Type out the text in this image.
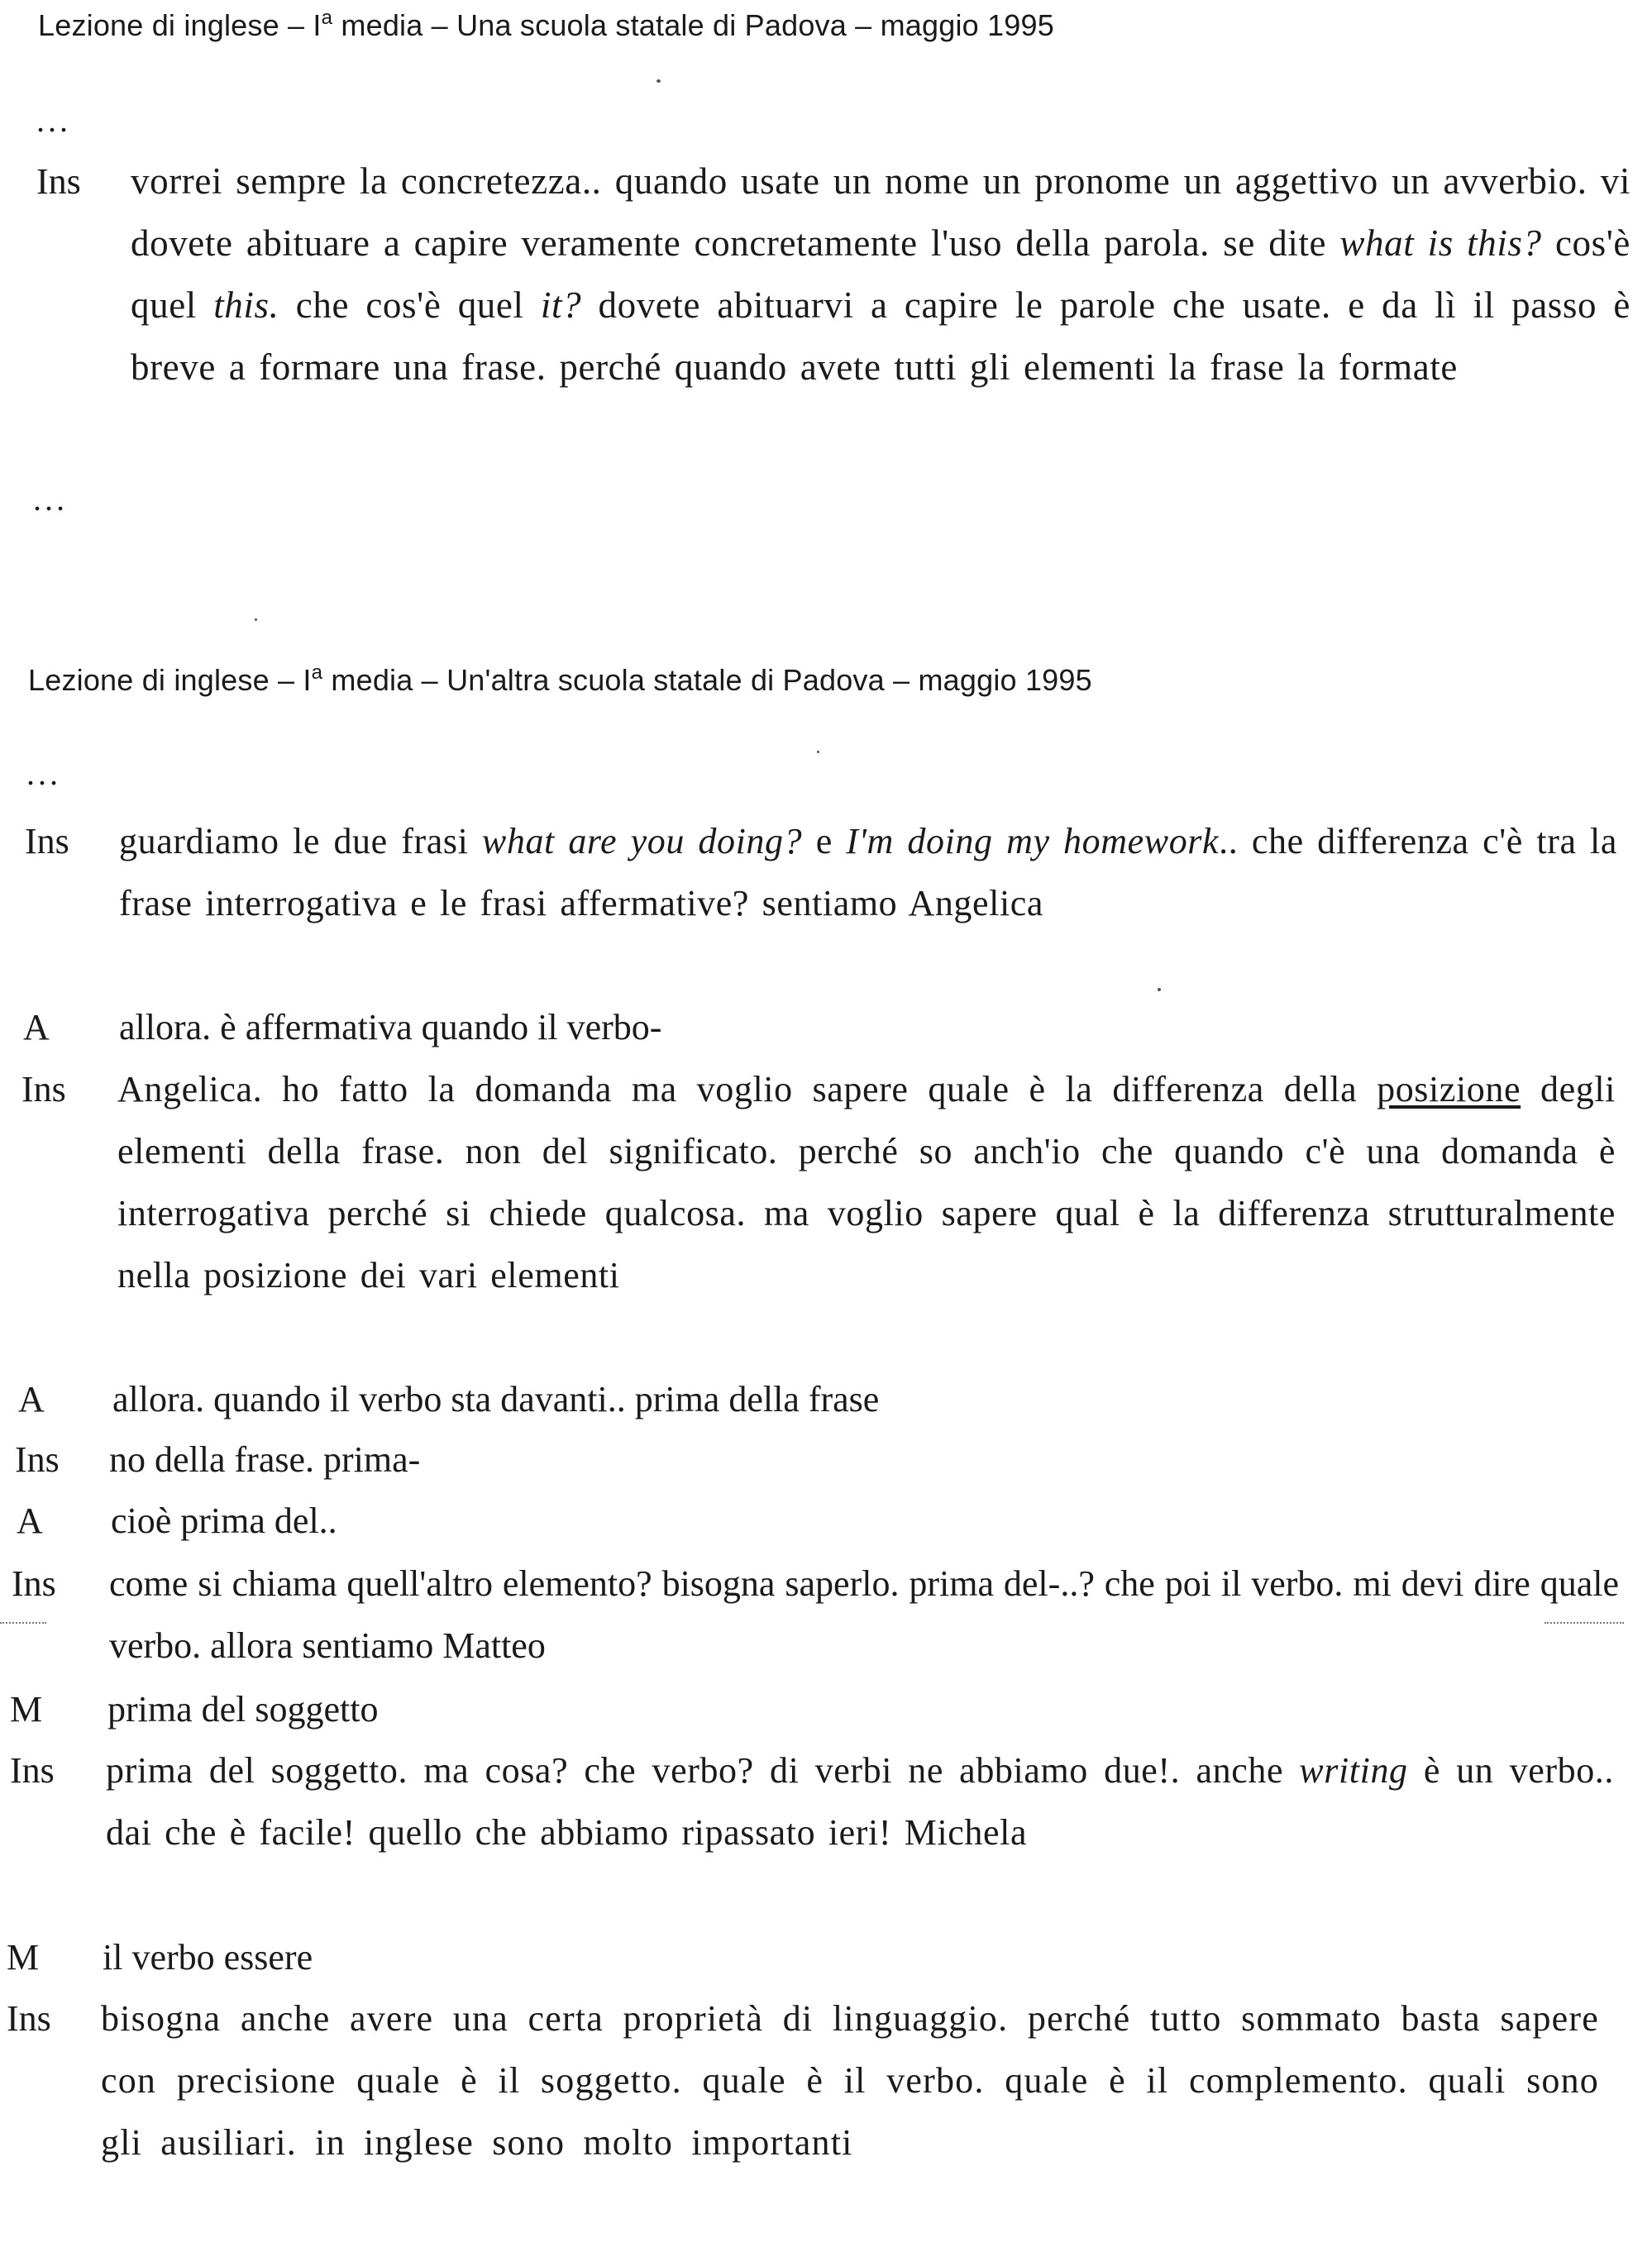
Lezione di inglese – $I^a$ media – Una scuola statale di Padova – maggio 1995
...
Ins vorrei sempre la concretezza.. quando usate un nome un pronome un aggettivo un avverbio. vi dovete abituare a capire veramente concretamente l'uso della parola. se dite what is this? cos'è quel this. che cos'è quel it? dovete abituarvi a capire le parole che usate. e da lì il passo è breve a formare una frase. perché quando avete tutti gli elementi la frase la formate
...
Lezione di inglese – $I^a$ media – Un'altra scuola statale di Padova – maggio 1995
...
Ins guardiamo le due frasi what are you doing? e I'm doing my homework.. che differenza c'è tra la frase interrogativa e le frasi affermative? sentiamo Angelica
A allora. è affermativa quando il verbo-
Ins Angelica. ho fatto la domanda ma voglio sapere quale è la differenza della posizione degli elementi della frase. non del significato. perché so anch'io che quando c'è una domanda è interrogativa perché si chiede qualcosa. ma voglio sapere qual è la differenza strutturalmente nella posizione dei vari elementi
A allora. quando il verbo sta davanti.. prima della frase
Ins no della frase. prima-
A cioè prima del..
Ins come si chiama quell'altro elemento? bisogna saperlo. prima del-..? che poi il verbo. mi devi dire quale verbo. allora sentiamo Matteo
M prima del soggetto
Ins prima del soggetto. ma cosa? che verbo? di verbi ne abbiamo due!. anche writing è un verbo.. dai che è facile! quello che abbiamo ripassato ieri! Michela
M il verbo essere
Ins bisogna anche avere una certa proprietà di linguaggio. perché tutto sommato basta sapere con precisione quale è il soggetto. quale è il verbo. quale è il complemento. quali sono gli ausiliari. in inglese sono molto importanti
